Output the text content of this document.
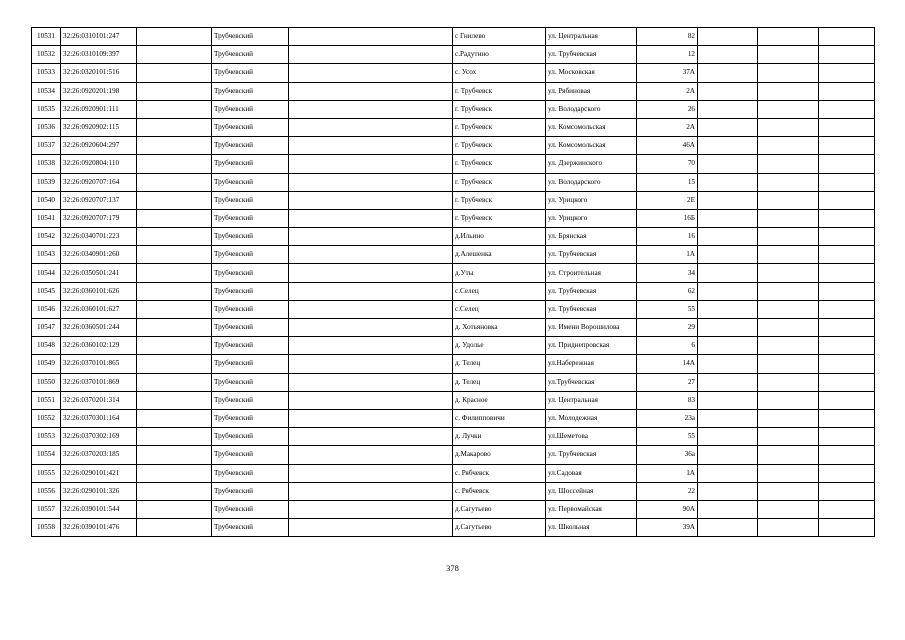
10531	32:26:0310101:247		Трубчевский		с Гнилево	ул. Центральная	82			
10532	32:26:0310109:397		Трубчевский		с.Радутино	ул. Трубчевская	12			
10533	32:26:0320101:516		Трубчевский		с. Усох	ул. Московская	37А			
10534	32:26:0920201:198		Трубчевский		г. Трубчевск	ул. Рябиновая	2А			
10535	32:26:0920901:111		Трубчевский		г. Трубчевск	ул. Володарского	26			
10536	32:26:0920902:115		Трубчевский		г. Трубчевск	ул. Комсомольская	2А			
10537	32:26:0920604:297		Трубчевский		г. Трубчевск	ул. Комсомольская	46А			
10538	32:26:0920804:110		Трубчевский		г. Трубчевск	ул. Дзержинского	70			
10539	32:26:0920707:164		Трубчевский		г. Трубчевск	ул. Володарского	15			
10540	32:26:0920707:137		Трубчевский		г. Трубчевск	ул. Урицкого	2Е			
10541	32:26:0920707:179		Трубчевский		г. Трубчевск	ул. Урицкого	16Б			
10542	32:26:0340701:223		Трубчевский		д.Ильино	ул. Брянская	16			
10543	32:26:0340901:260		Трубчевский		д.Алешенка	ул. Трубчевская	1А			
10544	32:26:0350501:241		Трубчевский		д.Уты	ул. Строительная	34			
10545	32:26:0360101:626		Трубчевский		с.Селец	ул. Трубчевская	62			
10546	32:26:0360101:627		Трубчевский		с.Селец	ул. Трубчевская	55			
10547	32:26:0360501:244		Трубчевский		д. Хотьяновка	ул. Имени Ворошилова	29			
10548	32:26:0360102:129		Трубчевский		д. Удолье	ул. Приднепровская	6			
10549	32:26:0370101:865		Трубчевский		д. Телец	ул.Набережная	14А			
10550	32:26:0370101:869		Трубчевский		д. Телец	ул.Трубчевская	27			
10551	32:26:0370201:314		Трубчевский		д. Красное	ул. Центральная	83			
10552	32:26:0370301:164		Трубчевский		с. Филипповичи	ул. Молодежная	23а			
10553	32:26:0370302:169		Трубчевский		д. Лучки	ул.Шеметова	55			
10554	32:26:0370203:185		Трубчевский		д.Макарово	ул. Трубчевская	36а			
10555	32:26:0290101:421		Трубчевский		с. Рябчевск	ул.Садовая	1А			
10556	32:26:0290101:326		Трубчевский		с. Рябчевск	ул. Шоссейная	22			
10557	32:26:0390101:544		Трубчевский		д.Сагутьево	ул. Первомайская	90А			
10558	32:26:0390101:476		Трубчевский		д.Сагутьево	ул. Школьная	39А			
378
